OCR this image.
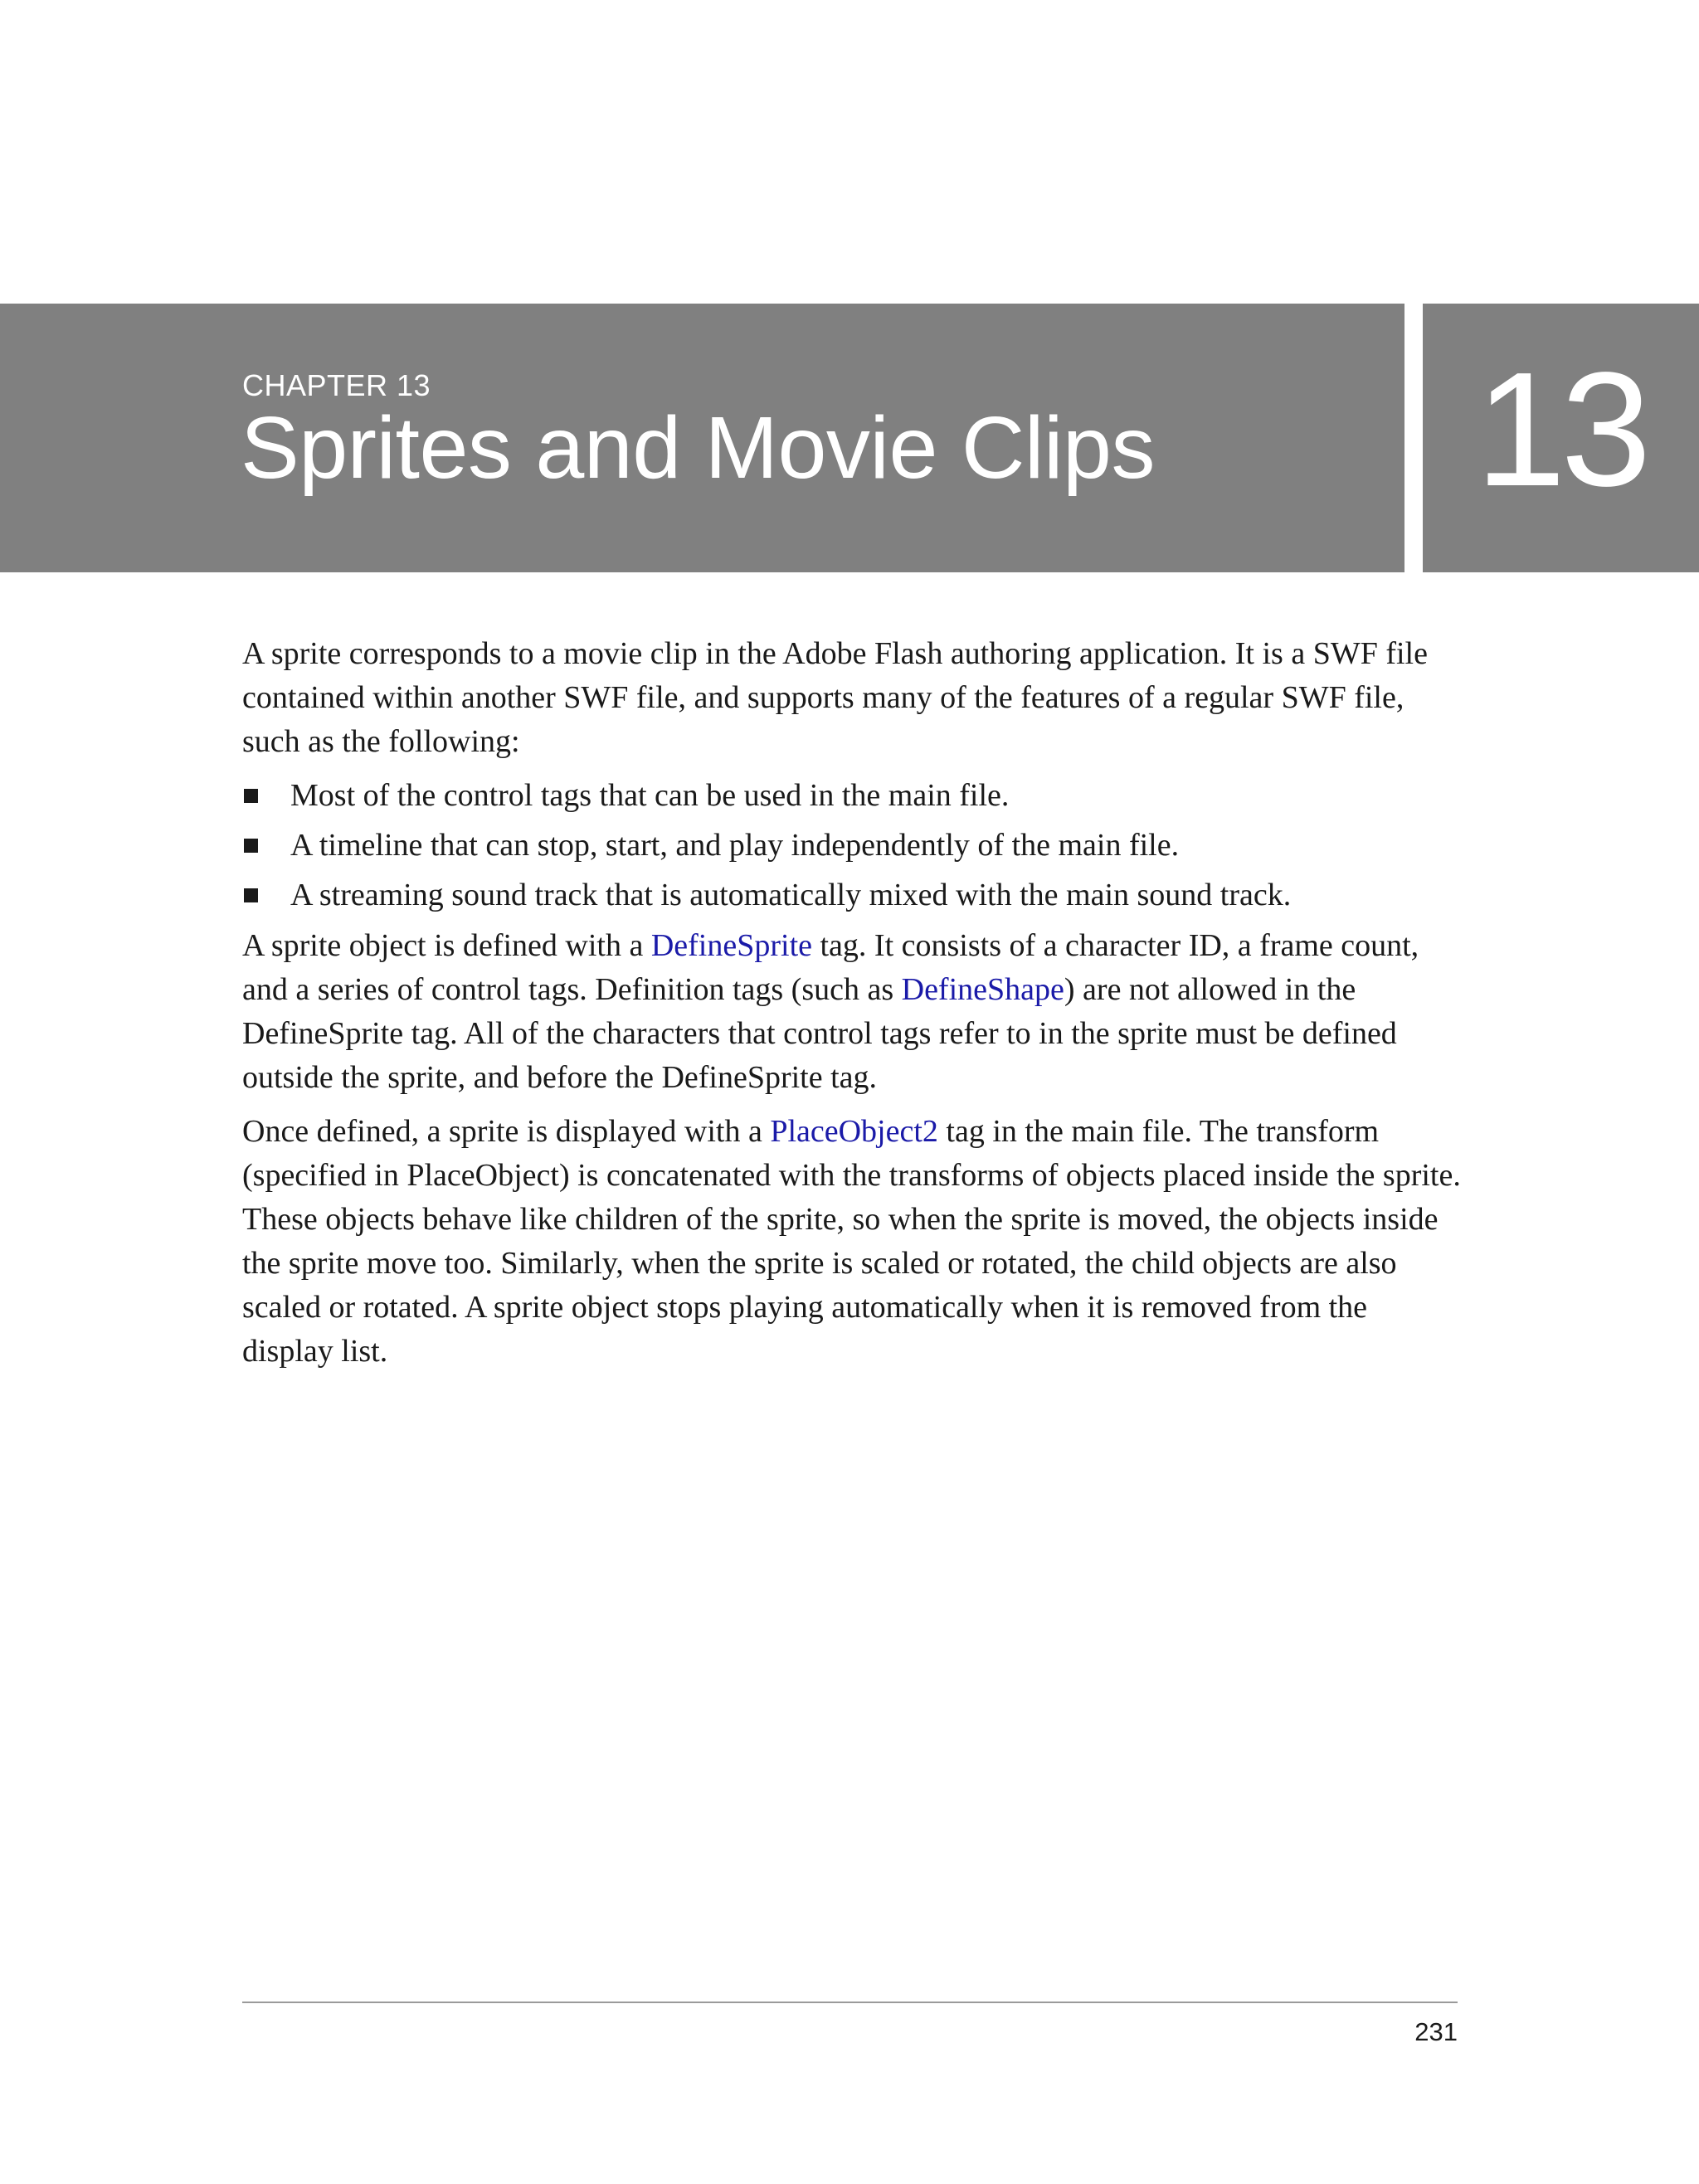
CHAPTER 13
Sprites and Movie Clips	13

A sprite corresponds to a movie clip in the Adobe Flash authoring application. It is a SWF file contained within another SWF file, and supports many of the features of a regular SWF file, such as the following:

Most of the control tags that can be used in the main file.
A timeline that can stop, start, and play independently of the main file.
A streaming sound track that is automatically mixed with the main sound track.

A sprite object is defined with a DefineSprite tag. It consists of a character ID, a frame count, and a series of control tags. Definition tags (such as DefineShape) are not allowed in the DefineSprite tag. All of the characters that control tags refer to in the sprite must be defined outside the sprite, and before the DefineSprite tag.

Once defined, a sprite is displayed with a PlaceObject2 tag in the main file. The transform (specified in PlaceObject) is concatenated with the transforms of objects placed inside the sprite. These objects behave like children of the sprite, so when the sprite is moved, the objects inside the sprite move too. Similarly, when the sprite is scaled or rotated, the child objects are also scaled or rotated. A sprite object stops playing automatically when it is removed from the display list.

231
